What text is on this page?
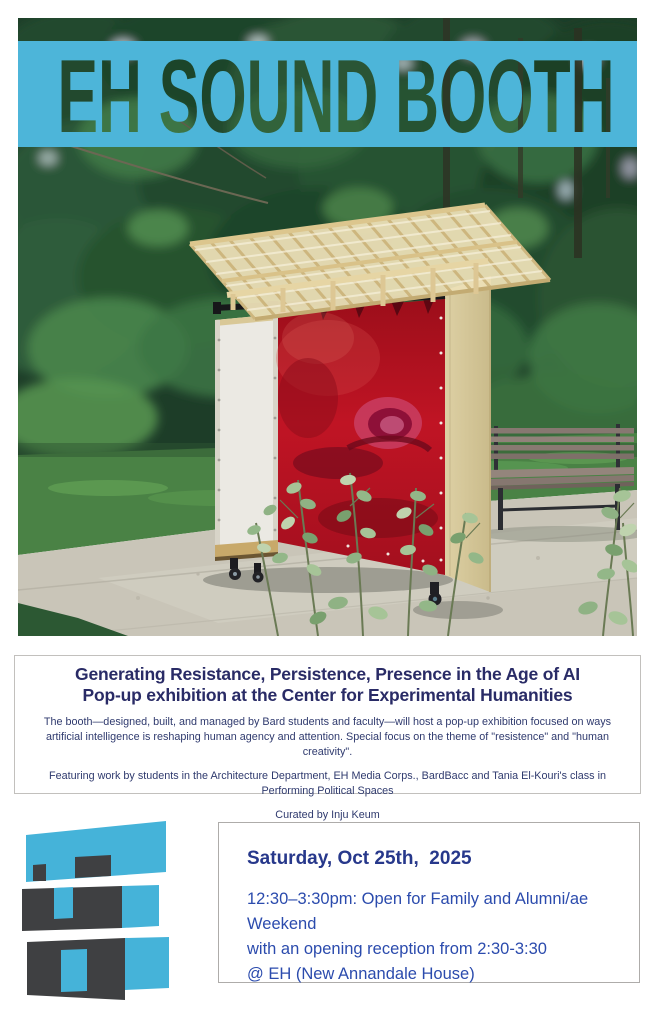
Generating Resistance, Persistence, Presence in the Age of AI
Pop-up exhibition at the Center for Experimental Humanities

The booth—designed, built, and managed by Bard students and faculty—will host a pop-up exhibition focused on ways artificial intelligence is reshaping human agency and attention. Special focus on the theme of "resistence" and "human creativity".

Featuring work by students in the Architecture Department, EH Media Corps., BardBacc and Tania El-Kouri's class in Performing Political Spaces

Curated by Inju Keum

Saturday, Oct 25th,  2025
12:30–3:30pm: Open for Family and Alumni/ae Weekend
with an opening reception from 2:30-3:30
@ EH (New Annandale House)
